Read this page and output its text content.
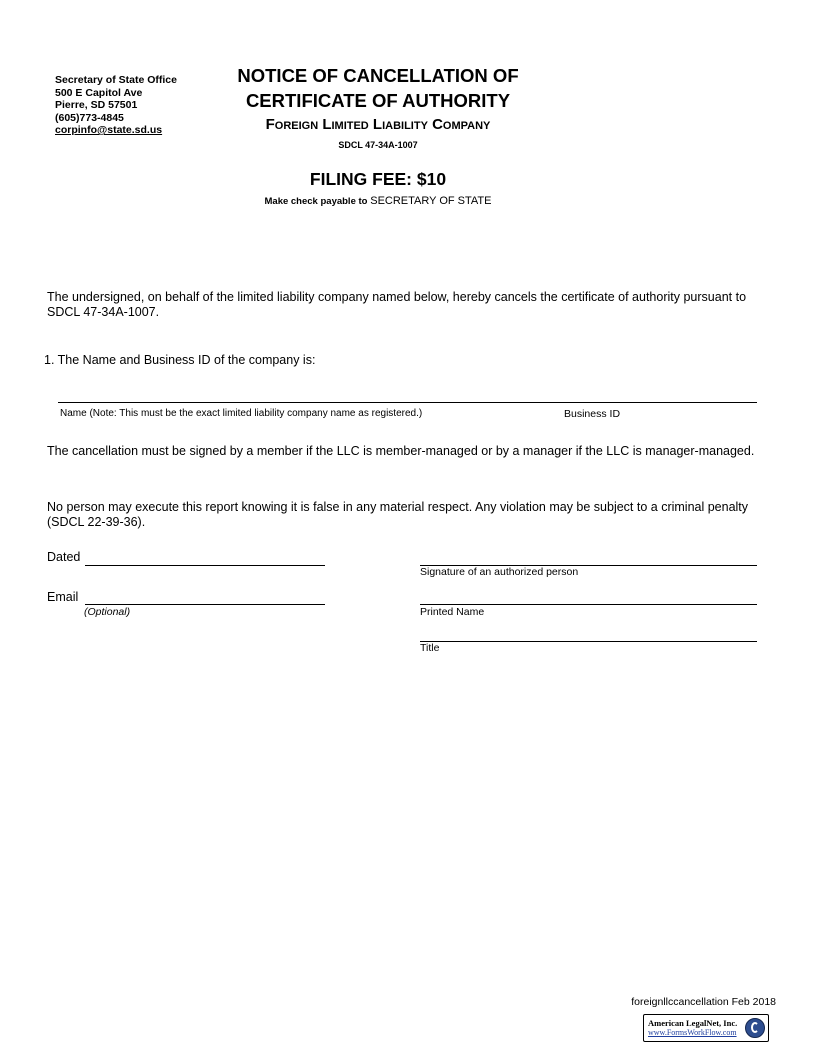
Secretary of State Office
500 E Capitol Ave
Pierre, SD 57501
(605)773-4845
corpinfo@state.sd.us
NOTICE OF CANCELLATION OF
CERTIFICATE OF AUTHORITY
Foreign Limited Liability Company
SDCL 47-34A-1007
FILING FEE: $10
Make check payable to SECRETARY OF STATE
The undersigned, on behalf of the limited liability company named below, hereby cancels the certificate of authority pursuant to SDCL 47-34A-1007.
1. The Name and Business ID of the company is:
Name (Note: This must be the exact limited liability company name as registered.)	Business ID
The cancellation must be signed by a member if the LLC is member-managed or by a manager if the LLC is manager-managed.
No person may execute this report knowing it is false in any material respect. Any violation may be subject to a criminal penalty (SDCL 22-39-36).
Dated
Email
(Optional)
Signature of an authorized person
Printed Name
Title
foreignllccancellation Feb 2018
American LegalNet, Inc.
www.FormsWorkFlow.com
